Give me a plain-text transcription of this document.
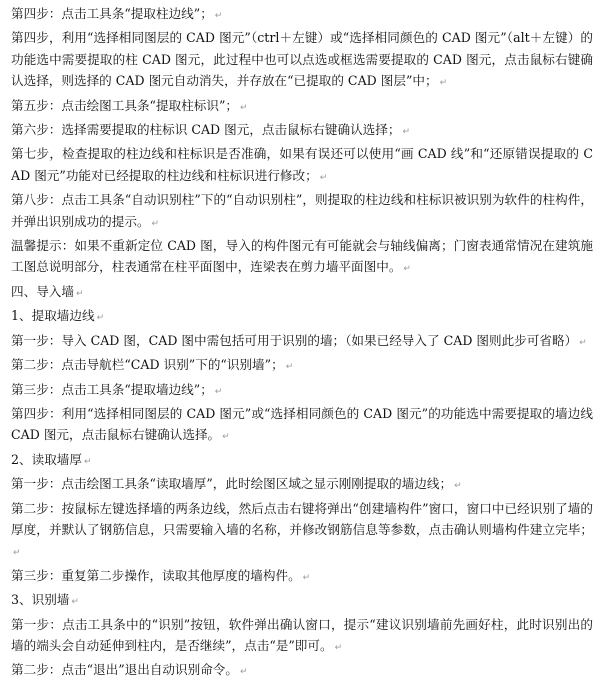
第四步：点击工具条“提取柱边线”； ↵

第四步，利用“选择相同图层的 CAD 图元”（ctrl＋左键）或“选择相同颜色的 CAD 图元”（alt＋左键）的功能选中需要提取的柱 CAD 图元，此过程中也可以点选或框选需要提取的 CAD 图元，点击鼠标右键确认选择，则选择的 CAD 图元自动消失，并存放在“已提取的 CAD 图层”中； ↵

第五步：点击绘图工具条“提取柱标识”； ↵

第六步：选择需要提取的柱标识 CAD 图元，点击鼠标右键确认选择； ↵

第七步，检查提取的柱边线和柱标识是否准确，如果有误还可以使用“画 CAD 线”和“还原错误提取的 CAD 图元”功能对已经提取的柱边线和柱标识进行修改； ↵

第八步：点击工具条“自动识别柱”下的“自动识别柱”，则提取的柱边线和柱标识被识别为软件的柱构件，并弹出识别成功的提示。 ↵

温馨提示：如果不重新定位 CAD 图，导入的构件图元有可能就会与轴线偏离；门窗表通常情况在建筑施工图总说明部分，柱表通常在柱平面图中，连梁表在剪力墙平面图中。 ↵

四、导入墙 ↵

1、提取墙边线 ↵

第一步：导入 CAD 图，CAD 图中需包括可用于识别的墙；（如果已经导入了 CAD 图则此步可省略） ↵

第二步：点击导航栏“CAD 识别”下的“识别墙”； ↵

第三步：点击工具条“提取墙边线”； ↵

第四步：利用“选择相同图层的 CAD 图元”或“选择相同颜色的 CAD 图元”的功能选中需要提取的墙边线 CAD 图元，点击鼠标右键确认选择。 ↵

2、读取墙厚 ↵

第一步：点击绘图工具条“读取墙厚”，此时绘图区域之显示刚刚提取的墙边线； ↵

第二步：按鼠标左键选择墙的两条边线，然后点击右键将弹出“创建墙构件”窗口，窗口中已经识别了墙的厚度，并默认了钢筋信息，只需要输入墙的名称，并修改钢筋信息等参数，点击确认则墙构件建立完毕；↵

第三步：重复第二步操作，读取其他厚度的墙构件。 ↵

3、识别墙 ↵

第一步：点击工具条中的“识别”按钮，软件弹出确认窗口，提示“建议识别墙前先画好柱，此时识别出的墙的端头会自动延伸到柱内，是否继续”，点击“是”即可。 ↵

第二步：点击“退出”退出自动识别命令。 ↵
